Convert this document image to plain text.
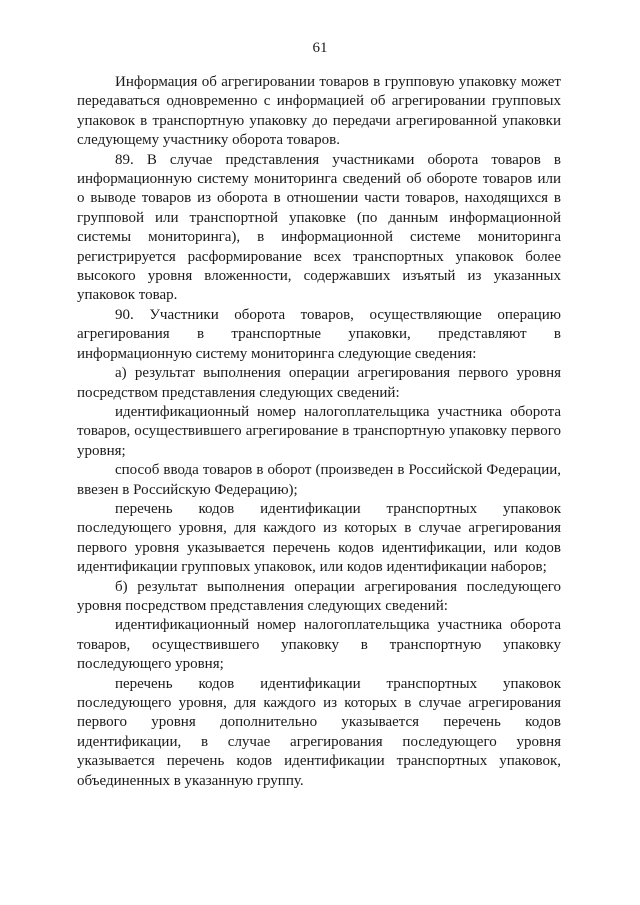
61

Информация об агрегировании товаров в групповую упаковку может передаваться одновременно с информацией об агрегировании групповых упаковок в транспортную упаковку до передачи агрегированной упаковки следующему участнику оборота товаров.

89. В случае представления участниками оборота товаров в информационную систему мониторинга сведений об обороте товаров или о выводе товаров из оборота в отношении части товаров, находящихся в групповой или транспортной упаковке (по данным информационной системы мониторинга), в информационной системе мониторинга регистрируется расформирование всех транспортных упаковок более высокого уровня вложенности, содержавших изъятый из указанных упаковок товар.

90. Участники оборота товаров, осуществляющие операцию агрегирования в транспортные упаковки, представляют в информационную систему мониторинга следующие сведения:

а) результат выполнения операции агрегирования первого уровня посредством представления следующих сведений:

идентификационный номер налогоплательщика участника оборота товаров, осуществившего агрегирование в транспортную упаковку первого уровня;

способ ввода товаров в оборот (произведен в Российской Федерации, ввезен в Российскую Федерацию);

перечень кодов идентификации транспортных упаковок последующего уровня, для каждого из которых в случае агрегирования первого уровня указывается перечень кодов идентификации, или кодов идентификации групповых упаковок, или кодов идентификации наборов;

б) результат выполнения операции агрегирования последующего уровня посредством представления следующих сведений:

идентификационный номер налогоплательщика участника оборота товаров, осуществившего упаковку в транспортную упаковку последующего уровня;

перечень кодов идентификации транспортных упаковок последующего уровня, для каждого из которых в случае агрегирования первого уровня дополнительно указывается перечень кодов идентификации, в случае агрегирования последующего уровня указывается перечень кодов идентификации транспортных упаковок, объединенных в указанную группу.
